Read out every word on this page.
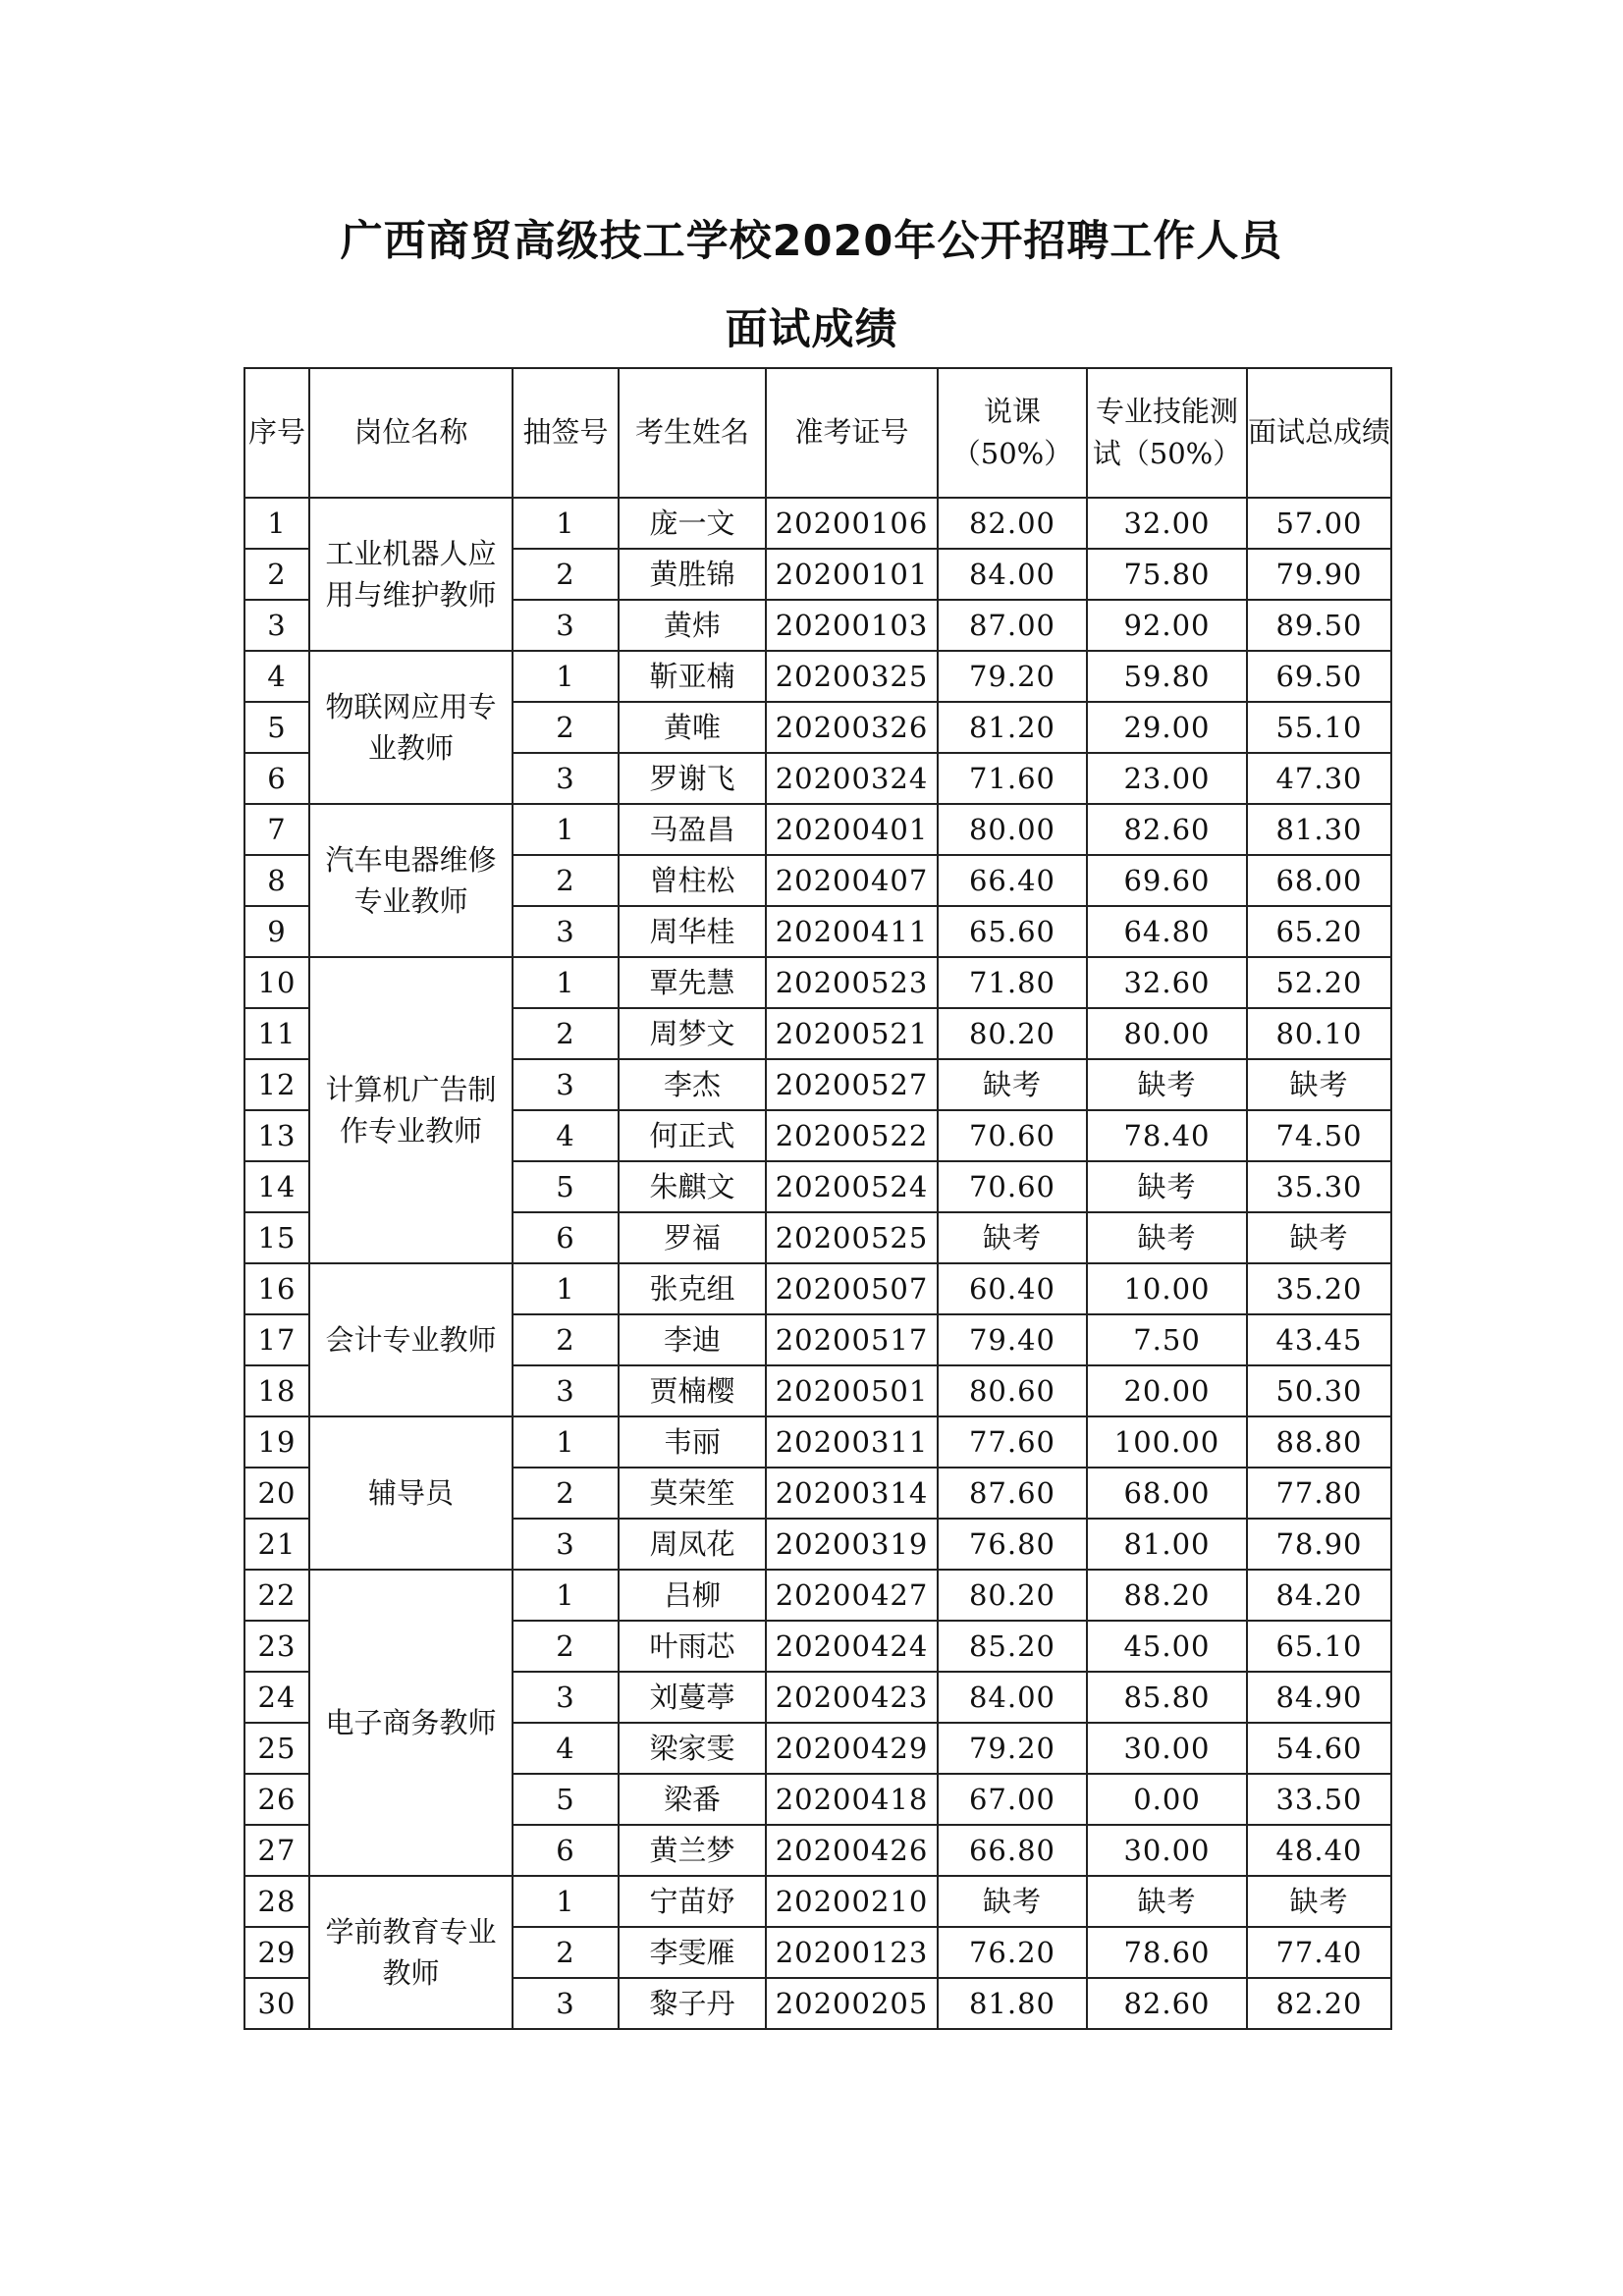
广西商贸高级技工学校2020年公开招聘工作人员
面试成绩
序号	岗位名称	抽签号	考生姓名	准考证号	说课（50%）	专业技能测试（50%）	面试总成绩
1	工业机器人应用与维护教师	1	庞一文	20200106	82.00	32.00	57.00
2		2	黄胜锦	20200101	84.00	75.80	79.90
3		3	黄炜	20200103	87.00	92.00	89.50
4	物联网应用专业教师	1	靳亚楠	20200325	79.20	59.80	69.50
5		2	黄唯	20200326	81.20	29.00	55.10
6		3	罗谢飞	20200324	71.60	23.00	47.30
7	汽车电器维修专业教师	1	马盈昌	20200401	80.00	82.60	81.30
8		2	曾柱松	20200407	66.40	69.60	68.00
9		3	周华桂	20200411	65.60	64.80	65.20
10	计算机广告制作专业教师	1	覃先慧	20200523	71.80	32.60	52.20
11		2	周梦文	20200521	80.20	80.00	80.10
12		3	李杰	20200527	缺考	缺考	缺考
13		4	何正式	20200522	70.60	78.40	74.50
14		5	朱麒文	20200524	70.60	缺考	35.30
15		6	罗福	20200525	缺考	缺考	缺考
16	会计专业教师	1	张克组	20200507	60.40	10.00	35.20
17		2	李迪	20200517	79.40	7.50	43.45
18		3	贾楠樱	20200501	80.60	20.00	50.30
19	辅导员	1	韦丽	20200311	77.60	100.00	88.80
20		2	莫荣笙	20200314	87.60	68.00	77.80
21		3	周凤花	20200319	76.80	81.00	78.90
22	电子商务教师	1	吕柳	20200427	80.20	88.20	84.20
23		2	叶雨芯	20200424	85.20	45.00	65.10
24		3	刘蔓葶	20200423	84.00	85.80	84.90
25		4	梁家雯	20200429	79.20	30.00	54.60
26		5	梁番	20200418	67.00	0.00	33.50
27		6	黄兰梦	20200426	66.80	30.00	48.40
28	学前教育专业教师	1	宁苗妤	20200210	缺考	缺考	缺考
29		2	李雯雁	20200123	76.20	78.60	77.40
30		3	黎子丹	20200205	81.80	82.60	82.20
